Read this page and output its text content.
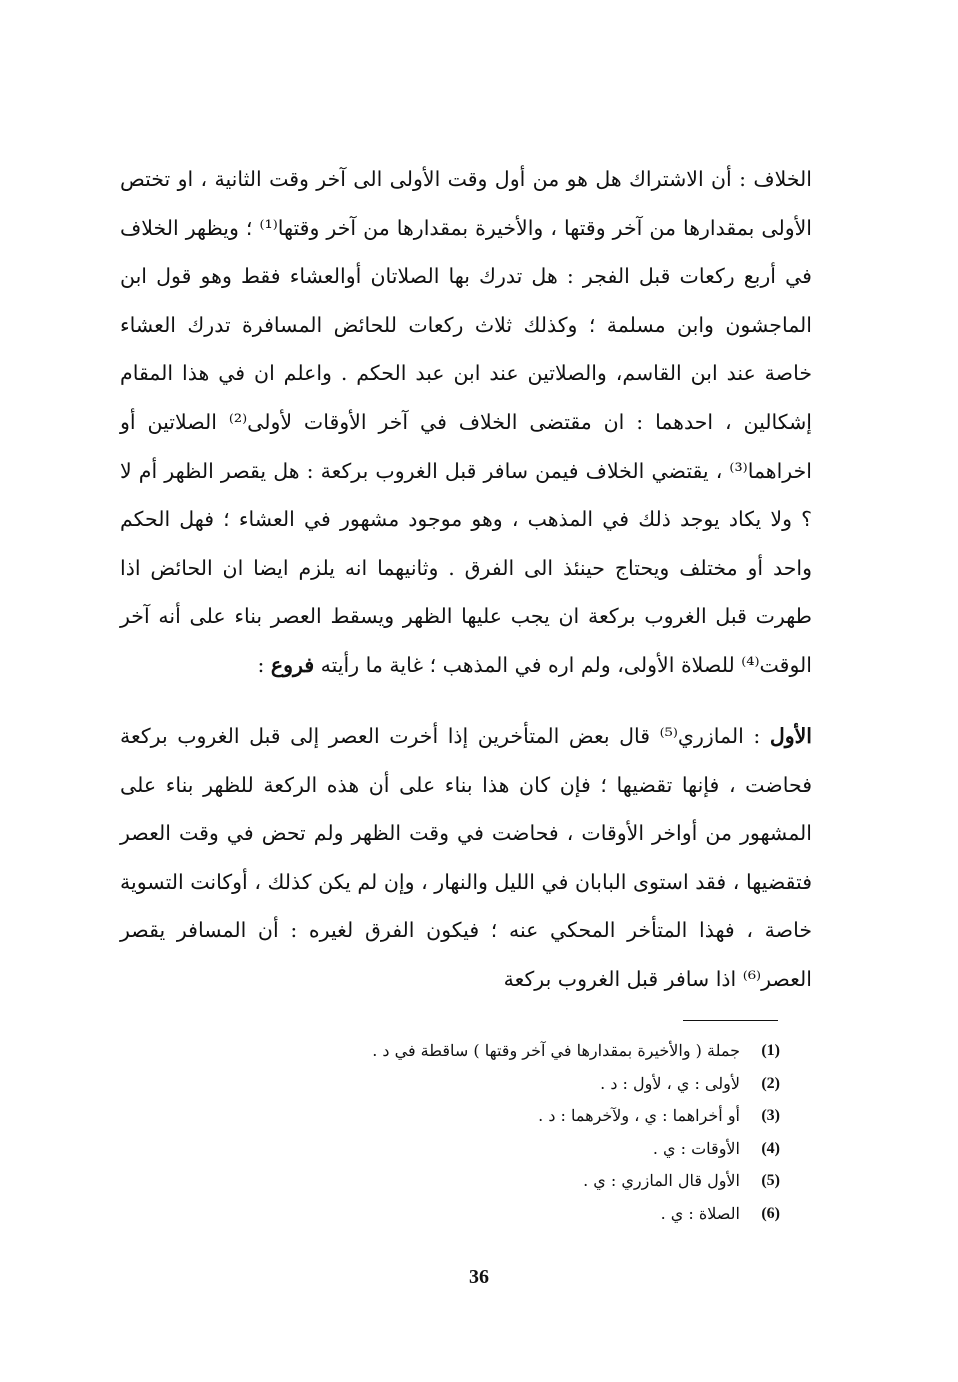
الخلاف : أن الاشتراك هل هو من أول وقت الأولى الى آخر وقت الثانية ، او تختص الأولى بمقدارها من آخر وقتها ، والأخيرة بمقدارها من آخر وقتها⁽¹⁾ ؛ ويظهر الخلاف في أربع ركعات قبل الفجر : هل تدرك بها الصلاتان أوالعشاء فقط وهو قول ابن الماجشون وابن مسلمة ؛ وكذلك ثلاث ركعات للحائض المسافرة تدرك العشاء خاصة عند ابن القاسم، والصلاتين عند ابن عبد الحكم . واعلم ان في هذا المقام إشكالين ، احدهما : ان مقتضى الخلاف في آخر الأوقات لأولى⁽²⁾ الصلاتين أو اخراهما⁽³⁾ ، يقتضي الخلاف فيمن سافر قبل الغروب بركعة : هل يقصر الظهر أم لا ؟ ولا يكاد يوجد ذلك في المذهب ، وهو موجود مشهور في العشاء ؛ فهل الحكم واحد أو مختلف ويحتاج حينئذ الى الفرق . وثانيهما انه يلزم ايضا ان الحائض اذا طهرت قبل الغروب بركعة ان يجب عليها الظهر ويسقط العصر بناء على أنه آخر الوقت⁽⁴⁾ للصلاة الأولى، ولم اره في المذهب ؛ غاية ما رأيته فروع :
الأول : المازري⁽⁵⁾ قال بعض المتأخرين إذا أخرت العصر إلى قبل الغروب بركعة فحاضت ، فإنها تقضيها ؛ فإن كان هذا بناء على أن هذه الركعة للظهر بناء على المشهور من أواخر الأوقات ، فحاضت في وقت الظهر ولم تحض في وقت العصر فتقضيها ، فقد استوى البابان في الليل والنهار ، وإن لم يكن كذلك ، أوكانت التسوية خاصة ، فهذا المتأخر المحكي عنه ؛ فيكون الفرق لغيره : أن المسافر يقصر العصر⁽⁶⁾ اذا سافر قبل الغروب بركعة
(1)
جملة ( والأخيرة بمقدارها في آخر وقتها ) ساقطة في د .
(2)
لأولى : ي ، لأول : د .
(3)
أو أخراهما : ي ، ولآخرهما : د .
(4)
الأوقات : ي .
(5)
الأول قال المازري : ي .
(6)
الصلاة : ي .
36
